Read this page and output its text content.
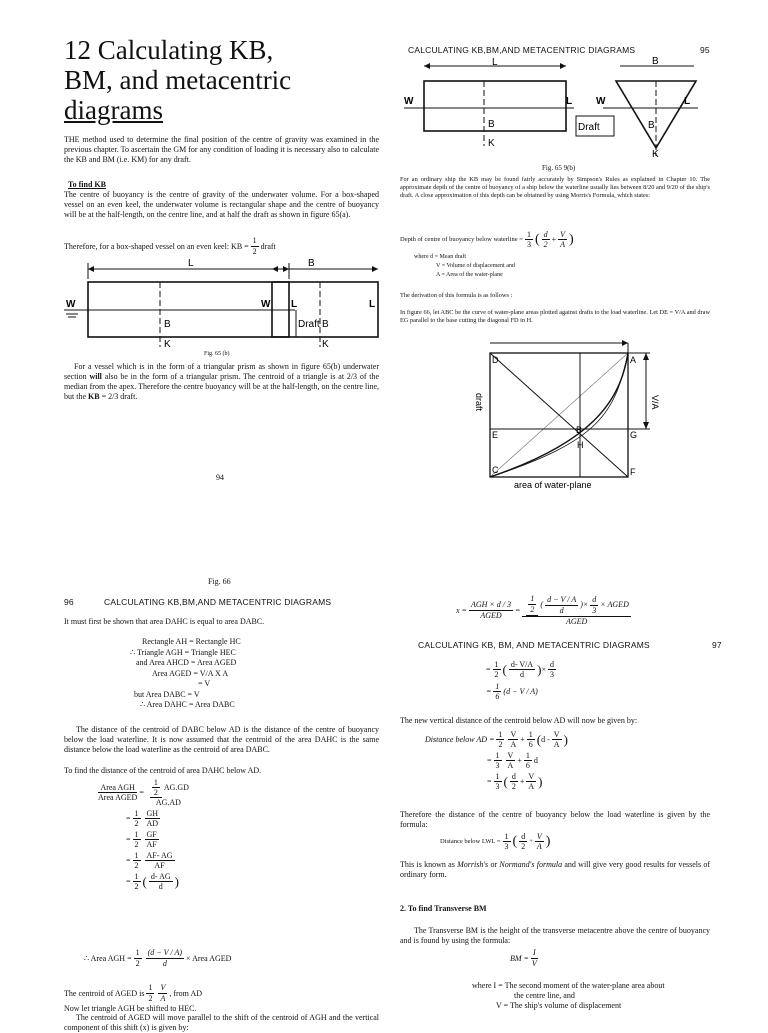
12 Calculating KB,
BM, and metacentric
diagrams
THE method used to determine the final position of the centre of gravity was examined in the previous chapter. To ascertain the GM for any condition of loading it is necessary also to calculate the KB and BM (i.e. KM) for any draft.
To find KB
The centre of buoyancy is the centre of gravity of the underwater volume. For a box-shaped vessel on an even keel, the underwater volume is rectangular shape and the centre of buoyancy will be at the half-length, on the centre line, and at half the draft as shown in figure 65(a).
Therefore, for a box-shaped vessel on an even keel: KB = $\frac{1}{2}$ draft
L
W	L
B
K
Draft
B
W	L
B
K
Fig. 65 (b)
For a vessel which is in the form of a triangular prism as shown in figure 65(b) underwater section will also be in the form of a triangular prism. The centroid of a triangle is at 2/3 of the median from the apex. Therefore the centre buoyancy will be at the half-length, on the centre line, but the KB = 2/3 draft.
94
Fig. 66
CALCULATING KB,BM,AND METACENTRIC DIAGRAMS	95
L
W	L
B
K
Draft
B
W	L
B
K
Fig. 65 9(b)
For an ordinary ship the KB may be found fairly accurately by Simpson's Rules as explained in Chapter 10. The approximate depth of the centre of buoyancy of a ship below the waterline usually lies between 8/20 and 9/20 of the ship's draft. A close approximation of this depth can be obtained by using Morris's Formula, which states:
Depth of centre of buoyancy below waterline = $\frac{1}{3}$ ( $\frac{d}{2} + \frac{V}{A}$ )
where d = Mean draft
V = Volume of displacement and
A = Area of the water-plane
The derivation of this formula is as follows :
In figure 66, let ABC be the curve of water-plane areas plotted against drafts to the load waterline. Let DE = V/A and draw EG parallel to the base cutting the diagonal FD in H.
D	A
E	B	G
H
C	F
V/A
draft
area of water-plane
96	CALCULATING KB,BM,AND METACENTRIC DIAGRAMS
It must first be shown that area DAHC is equal to area DABC.
Rectangle AH = Rectangle HC
∴ Triangle AGH = Triangle HEC
and Area AHCD = Area AGED
Area AGED = V/A X A
= V
but Area DABC = V
∴ Area DAHC = Area DABC
The distance of the centroid of DABC below AD is the distance of the centre of buoyancy below the load waterline. It is now assumed that the centroid of the area DAHC is the same distance below the load waterline as the centroid of area DABC.
To find the distance of the centroid of area DAHC below AD.
$\frac{\text{Area AGH}}{\text{Area AGED}} = \frac{1}{2} AG.GD$
AG.AD
= $\frac{1}{2} \frac{GH}{AD}$
= $\frac{1}{2} \frac{GF}{AF}$
= $\frac{1}{2} \frac{AF- AG}{AF}$
= $\frac{1}{2}$ ( $\frac{d- AG}{d}$ )
∴ Area AGH = $\frac{1}{2} \frac{(d - V / A)}{d}$ × Area AGED
The centroid of AGED is $\frac{1}{2} \frac{V}{A}$ , from AD
Now let triangle AGH be shifted to HEC.
The centroid of AGED will move parallel to the shift of the centroid of AGH and the vertical component of this shift (x) is given by:
$x = \frac{\text{AGH × d / 3}}{\text{AGED}} = \frac{\frac{1}{2} ( \frac{d - V / A}{d} )\times \frac{d}{3} \times AGED}{\text{AGED}}$
CALCULATING KB, BM, AND METACENTRIC DIAGRAMS	97
= $\frac{1}{2}$ ( $\frac{d- V/A}{d}$ ) × $\frac{d}{3}$
= $\frac{1}{6} (d - V / A)$
The new vertical distance of the centroid below AD will now be given by:
Distance below AD = $\frac{1}{2} \frac{V}{A} + \frac{1}{6}$ ( d - $\frac{V}{A}$ )
= $\frac{1}{3} \frac{V}{A} + \frac{1}{6}$ d
= $\frac{1}{3}$ ( $\frac{d}{2} + \frac{V}{A}$ )
Therefore the distance of the centre of buoyancy below the load waterline is given by the formula:
Distance below LWL = $\frac{1}{3}$ ( $\frac{d}{2} + \frac{V}{A}$ )
This is known as Morrish's or Normand's formula and will give very good results for vessels of ordinary form.
2. To find Transverse BM
The Transverse BM is the height of the transverse metacentre above the centre of buoyancy and is found by using the formula:
BM = $\frac{I}{V}$
where I = The second moment of the water-plane area about
the centre line, and
V = The ship's volume of displacement
